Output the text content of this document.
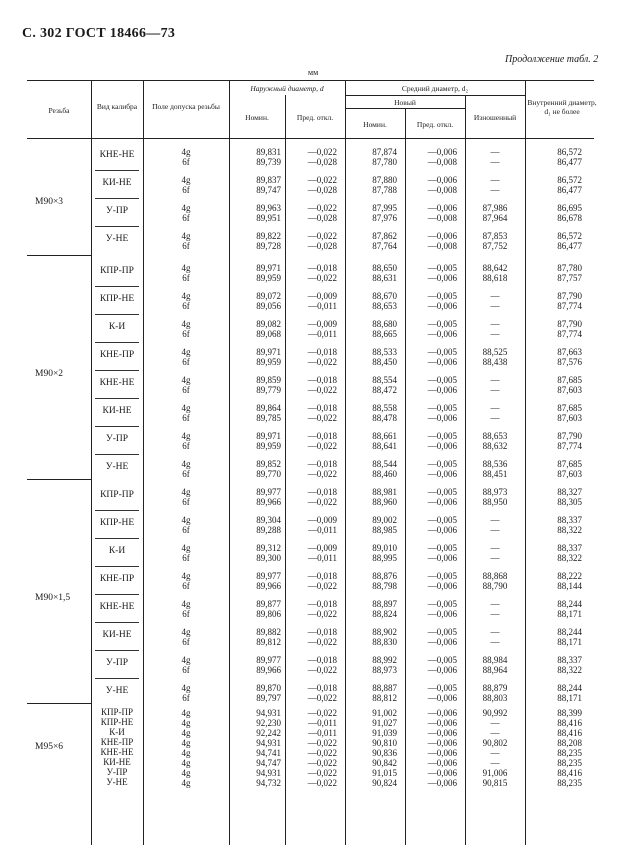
С. 302 ГОСТ 18466—73
Продолжение табл. 2
мм
Резьба	Вид калибра	Поле допуска резьбы
Наружный диаметр, d
Номин.	Пред. откл.
Средний диаметр, d₂
Новый
Номин.	Пред. откл.
Изношенный
Внутренний диаметр, d₁ не более
M90×3
КНЕ-НЕ	4g	89,831	—0,022	87,874	—0,006	—	86,572
6f	89,739	—0,028	87,780	—0,008	—	86,477
КИ-НЕ	4g	89,837	—0,022	87,880	—0,006	—	86,572
6f	89,747	—0,028	87,788	—0,008	—	86,477
У-ПР	4g	89,963	—0,022	87,995	—0,006	87,986	86,695
6f	89,951	—0,028	87,976	—0,008	87,964	86,678
У-НЕ	4g	89,822	—0,022	87,862	—0,006	87,853	86,572
6f	89,728	—0,028	87,764	—0,008	87,752	86,477
M90×2
КПР-ПР	4g	89,971	—0,018	88,650	—0,005	88,642	87,780
6f	89,959	—0,022	88,631	—0,006	88,618	87,757
КПР-НЕ	4g	89,072	—0,009	88,670	—0,005	—	87,790
6f	89,056	—0,011	88,653	—0,006	—	87,774
К-И	4g	89,082	—0,009	88,680	—0,005	—	87,790
6f	89,068	—0,011	88,665	—0,006	—	87,774
КНЕ-ПР	4g	89,971	—0,018	88,533	—0,005	88,525	87,663
6f	89,959	—0,022	88,450	—0,006	88,438	87,576
КНЕ-НЕ	4g	89,859	—0,018	88,554	—0,005	—	87,685
6f	89,779	—0,022	88,472	—0,006	—	87,603
КИ-НЕ	4g	89,864	—0,018	88,558	—0,005	—	87,685
6f	89,785	—0,022	88,478	—0,006	—	87,603
У-ПР	4g	89,971	—0,018	88,661	—0,005	88,653	87,790
6f	89,959	—0,022	88,641	—0,006	88,632	87,774
У-НЕ	4g	89,852	—0,018	88,544	—0,005	88,536	87,685
6f	89,770	—0,022	88,460	—0,006	88,451	87,603
M90×1,5
КПР-ПР	4g	89,977	—0,018	88,981	—0,005	88,973	88,327
6f	89,966	—0,022	88,960	—0,006	88,950	88,305
КПР-НЕ	4g	89,304	—0,009	89,002	—0,005	—	88,337
6f	89,288	—0,011	88,985	—0,006	—	88,322
К-И	4g	89,312	—0,009	89,010	—0,005	—	88,337
6f	89,300	—0,011	88,995	—0,006	—	88,322
КНЕ-ПР	4g	89,977	—0,018	88,876	—0,005	88,868	88,222
6f	89,966	—0,022	88,798	—0,006	88,790	88,144
КНЕ-НЕ	4g	89,877	—0,018	88,897	—0,005	—	88,244
6f	89,806	—0,022	88,824	—0,006	—	88,171
КИ-НЕ	4g	89,882	—0,018	88,902	—0,005	—	88,244
6f	89,812	—0,022	88,830	—0,006	—	88,171
У-ПР	4g	89,977	—0,018	88,992	—0,005	88,984	88,337
6f	89,966	—0,022	88,973	—0,006	88,964	88,322
У-НЕ	4g	89,870	—0,018	88,887	—0,005	88,879	88,244
6f	89,797	—0,022	88,812	—0,006	88,803	88,171
M95×6
КПР-ПР	4g	94,931	—0,022	91,002	—0,006	90,992	88,399
КПР-НЕ	4g	92,230	—0,011	91,027	—0,006	—	88,416
К-И	4g	92,242	—0,011	91,039	—0,006	—	88,416
КНЕ-ПР	4g	94,931	—0,022	90,810	—0,006	90,802	88,208
КНЕ-НЕ	4g	94,741	—0,022	90,836	—0,006	—	88,235
КИ-НЕ	4g	94,747	—0,022	90,842	—0,006	—	88,235
У-ПР	4g	94,931	—0,022	91,015	—0,006	91,006	88,416
У-НЕ	4g	94,732	—0,022	90,824	—0,006	90,815	88,235
